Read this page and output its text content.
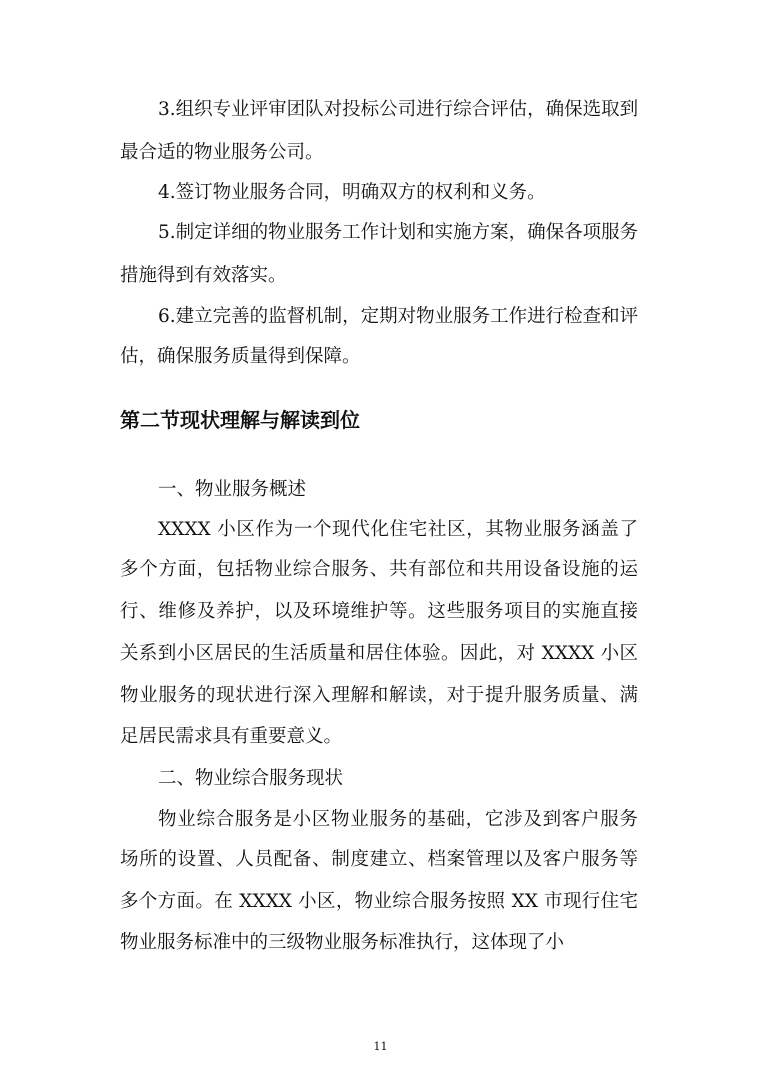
3.组织专业评审团队对投标公司进行综合评估，确保选取到
最合适的物业服务公司。
4.签订物业服务合同，明确双方的权利和义务。
5.制定详细的物业服务工作计划和实施方案，确保各项服务
措施得到有效落实。
6.建立完善的监督机制，定期对物业服务工作进行检查和评
估，确保服务质量得到保障。
第二节现状理解与解读到位
一、物业服务概述
XXXX 小区作为一个现代化住宅社区，其物业服务涵盖了
多个方面，包括物业综合服务、共有部位和共用设备设施的运
行、维修及养护，以及环境维护等。这些服务项目的实施直接
关系到小区居民的生活质量和居住体验。因此，对 XXXX 小区
物业服务的现状进行深入理解和解读，对于提升服务质量、满
足居民需求具有重要意义。
二、物业综合服务现状
物业综合服务是小区物业服务的基础，它涉及到客户服务
场所的设置、人员配备、制度建立、档案管理以及客户服务等
多个方面。在 XXXX 小区，物业综合服务按照 XX 市现行住宅
物业服务标准中的三级物业服务标准执行，这体现了小
11
